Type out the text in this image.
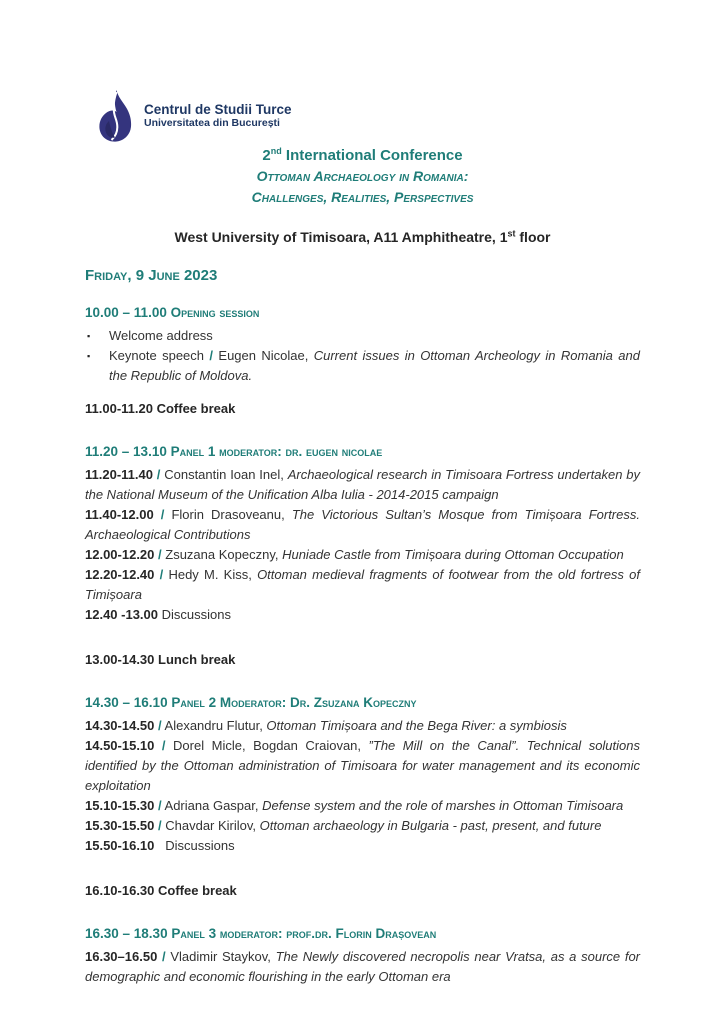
Centrul de Studii Turce
Universitatea din București
2nd International Conference
Ottoman Archaeology in Romania:
Challenges, Realities, Perspectives
West University of Timisoara, A11 Amphitheatre, 1st floor
Friday, 9 June 2023
10.00 – 11.00 Opening session
▪	Welcome address
▪	Keynote speech / Eugen Nicolae, Current issues in Ottoman Archeology in Romania and the Republic of Moldova.

11.00-11.20 Coffee break

11.20 – 13.10 Panel 1 moderator: dr. eugen nicolae

11.20-11.40 / Constantin Ioan Inel, Archaeological research in Timisoara Fortress undertaken by the National Museum of the Unification Alba Iulia - 2014-2015 campaign

11.40-12.00 / Florin Drasoveanu, The Victorious Sultan’s Mosque from Timișoara Fortress. Archaeological Contributions

12.00-12.20 / Zsuzana Kopeczny, Huniade Castle from Timișoara during Ottoman Occupation

12.20-12.40 / Hedy M. Kiss, Ottoman medieval fragments of footwear from the old fortress of Timișoara

12.40 -13.00 Discussions

13.00-14.30 Lunch break

14.30 – 16.10 Panel 2 Moderator: Dr. Zsuzana Kopeczny

14.30-14.50 / Alexandru Flutur, Ottoman Timișoara and the Bega River: a symbiosis

14.50-15.10 / Dorel Micle, Bogdan Craiovan, ”The Mill on the Canal”. Technical solutions identified by the Ottoman administration of Timisoara for water management and its economic exploitation

15.10-15.30 / Adriana Gaspar, Defense system and the role of marshes in Ottoman Timisoara

15.30-15.50 / Chavdar Kirilov, Ottoman archaeology in Bulgaria - past, present, and future

15.50-16.10   Discussions

16.10-16.30 Coffee break

16.30 – 18.30 Panel 3 moderator: prof.dr. Florin Drașovean

16.30–16.50 / Vladimir Staykov, The Newly discovered necropolis near Vratsa, as a source for demographic and economic flourishing in the early Ottoman era
